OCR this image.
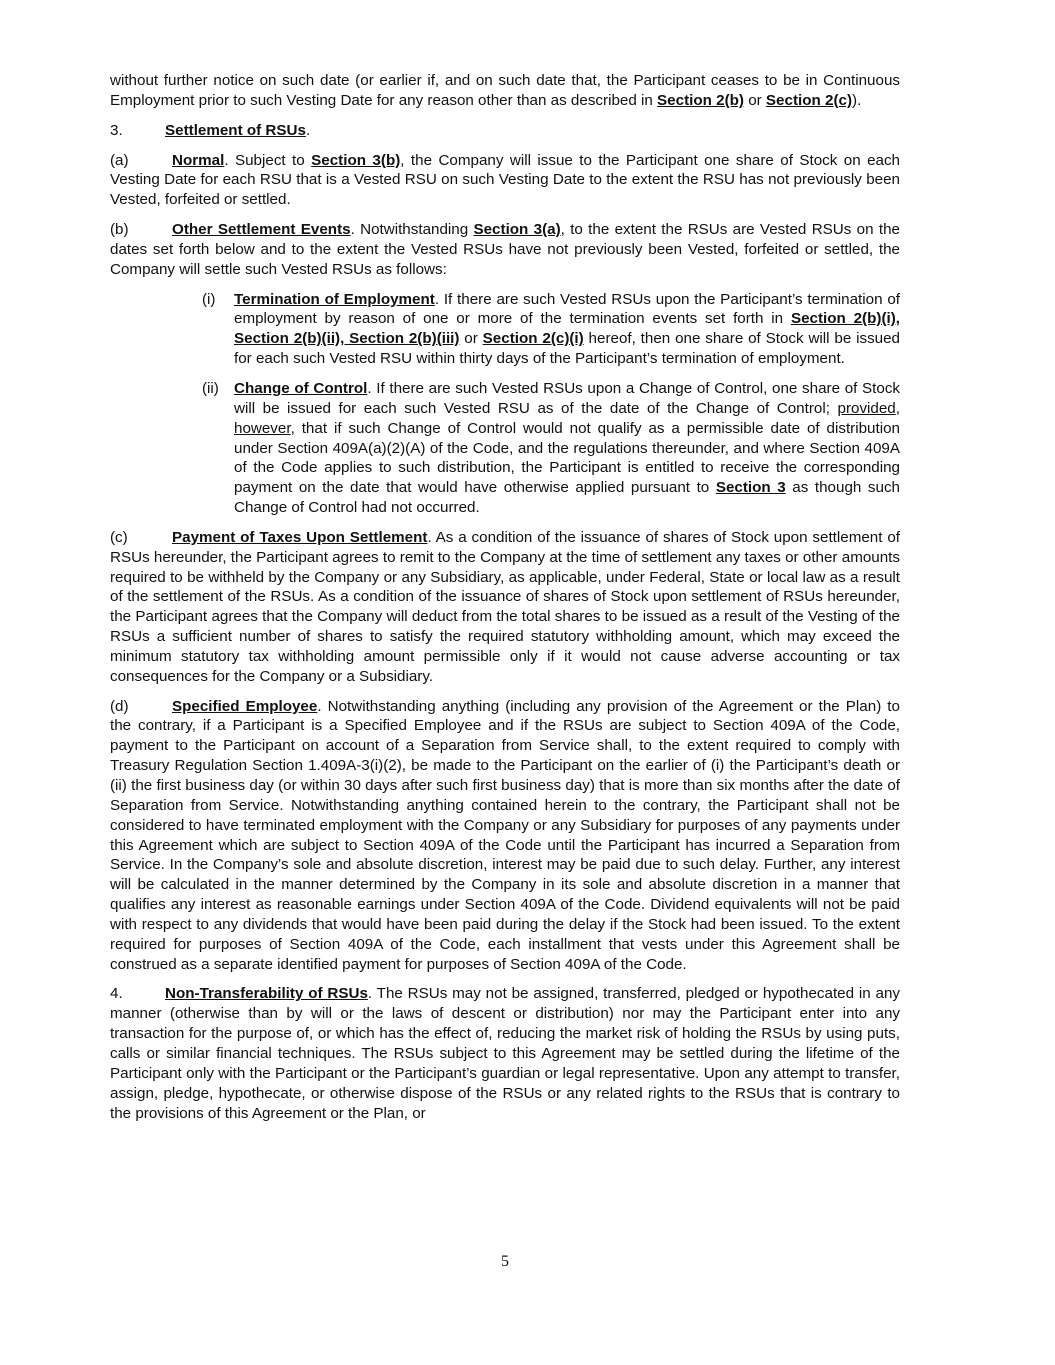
without further notice on such date (or earlier if, and on such date that, the Participant ceases to be in Continuous Employment prior to such Vesting Date for any reason other than as described in Section 2(b) or Section 2(c)).

3.	Settlement of RSUs.

(a)	Normal. Subject to Section 3(b), the Company will issue to the Participant one share of Stock on each Vesting Date for each RSU that is a Vested RSU on such Vesting Date to the extent the RSU has not previously been Vested, forfeited or settled.

(b)	Other Settlement Events. Notwithstanding Section 3(a), to the extent the RSUs are Vested RSUs on the dates set forth below and to the extent the Vested RSUs have not previously been Vested, forfeited or settled, the Company will settle such Vested RSUs as follows:

(i)	Termination of Employment. If there are such Vested RSUs upon the Participant’s termination of employment by reason of one or more of the termination events set forth in Section 2(b)(i), Section 2(b)(ii), Section 2(b)(iii) or Section 2(c)(i) hereof, then one share of Stock will be issued for each such Vested RSU within thirty days of the Participant’s termination of employment.
(ii) Change of Control. If there are such Vested RSUs upon a Change of Control, one share of Stock will be issued for each such Vested RSU as of the date of the Change of Control; provided, however, that if such Change of Control would not qualify as a permissible date of distribution under Section 409A(a)(2)(A) of the Code, and the regulations thereunder, and where Section 409A of the Code applies to such distribution, the Participant is entitled to receive the corresponding payment on the date that would have otherwise applied pursuant to Section 3 as though such Change of Control had not occurred.

(c)	Payment of Taxes Upon Settlement. As a condition of the issuance of shares of Stock upon settlement of RSUs hereunder, the Participant agrees to remit to the Company at the time of settlement any taxes or other amounts required to be withheld by the Company or any Subsidiary, as applicable, under Federal, State or local law as a result of the settlement of the RSUs. As a condition of the issuance of shares of Stock upon settlement of RSUs hereunder, the Participant agrees that the Company will deduct from the total shares to be issued as a result of the Vesting of the RSUs a sufficient number of shares to satisfy the required statutory withholding amount, which may exceed the minimum statutory tax withholding amount permissible only if it would not cause adverse accounting or tax consequences for the Company or a Subsidiary.

(d)	Specified Employee. Notwithstanding anything (including any provision of the Agreement or the Plan) to the contrary, if a Participant is a Specified Employee and if the RSUs are subject to Section 409A of the Code, payment to the Participant on account of a Separation from Service shall, to the extent required to comply with Treasury Regulation Section 1.409A-3(i)(2), be made to the Participant on the earlier of (i) the Participant’s death or (ii) the first business day (or within 30 days after such first business day) that is more than six months after the date of Separation from Service. Notwithstanding anything contained herein to the contrary, the Participant shall not be considered to have terminated employment with the Company or any Subsidiary for purposes of any payments under this Agreement which are subject to Section 409A of the Code until the Participant has incurred a Separation from Service. In the Company’s sole and absolute discretion, interest may be paid due to such delay. Further, any interest will be calculated in the manner determined by the Company in its sole and absolute discretion in a manner that qualifies any interest as reasonable earnings under Section 409A of the Code. Dividend equivalents will not be paid with respect to any dividends that would have been paid during the delay if the Stock had been issued. To the extent required for purposes of Section 409A of the Code, each installment that vests under this Agreement shall be construed as a separate identified payment for purposes of Section 409A of the Code.

4.	Non-Transferability of RSUs. The RSUs may not be assigned, transferred, pledged or hypothecated in any manner (otherwise than by will or the laws of descent or distribution) nor may the Participant enter into any transaction for the purpose of, or which has the effect of, reducing the market risk of holding the RSUs by using puts, calls or similar financial techniques. The RSUs subject to this Agreement may be settled during the lifetime of the Participant only with the Participant or the Participant’s guardian or legal representative. Upon any attempt to transfer, assign, pledge, hypothecate, or otherwise dispose of the RSUs or any related rights to the RSUs that is contrary to the provisions of this Agreement or the Plan, or

5
